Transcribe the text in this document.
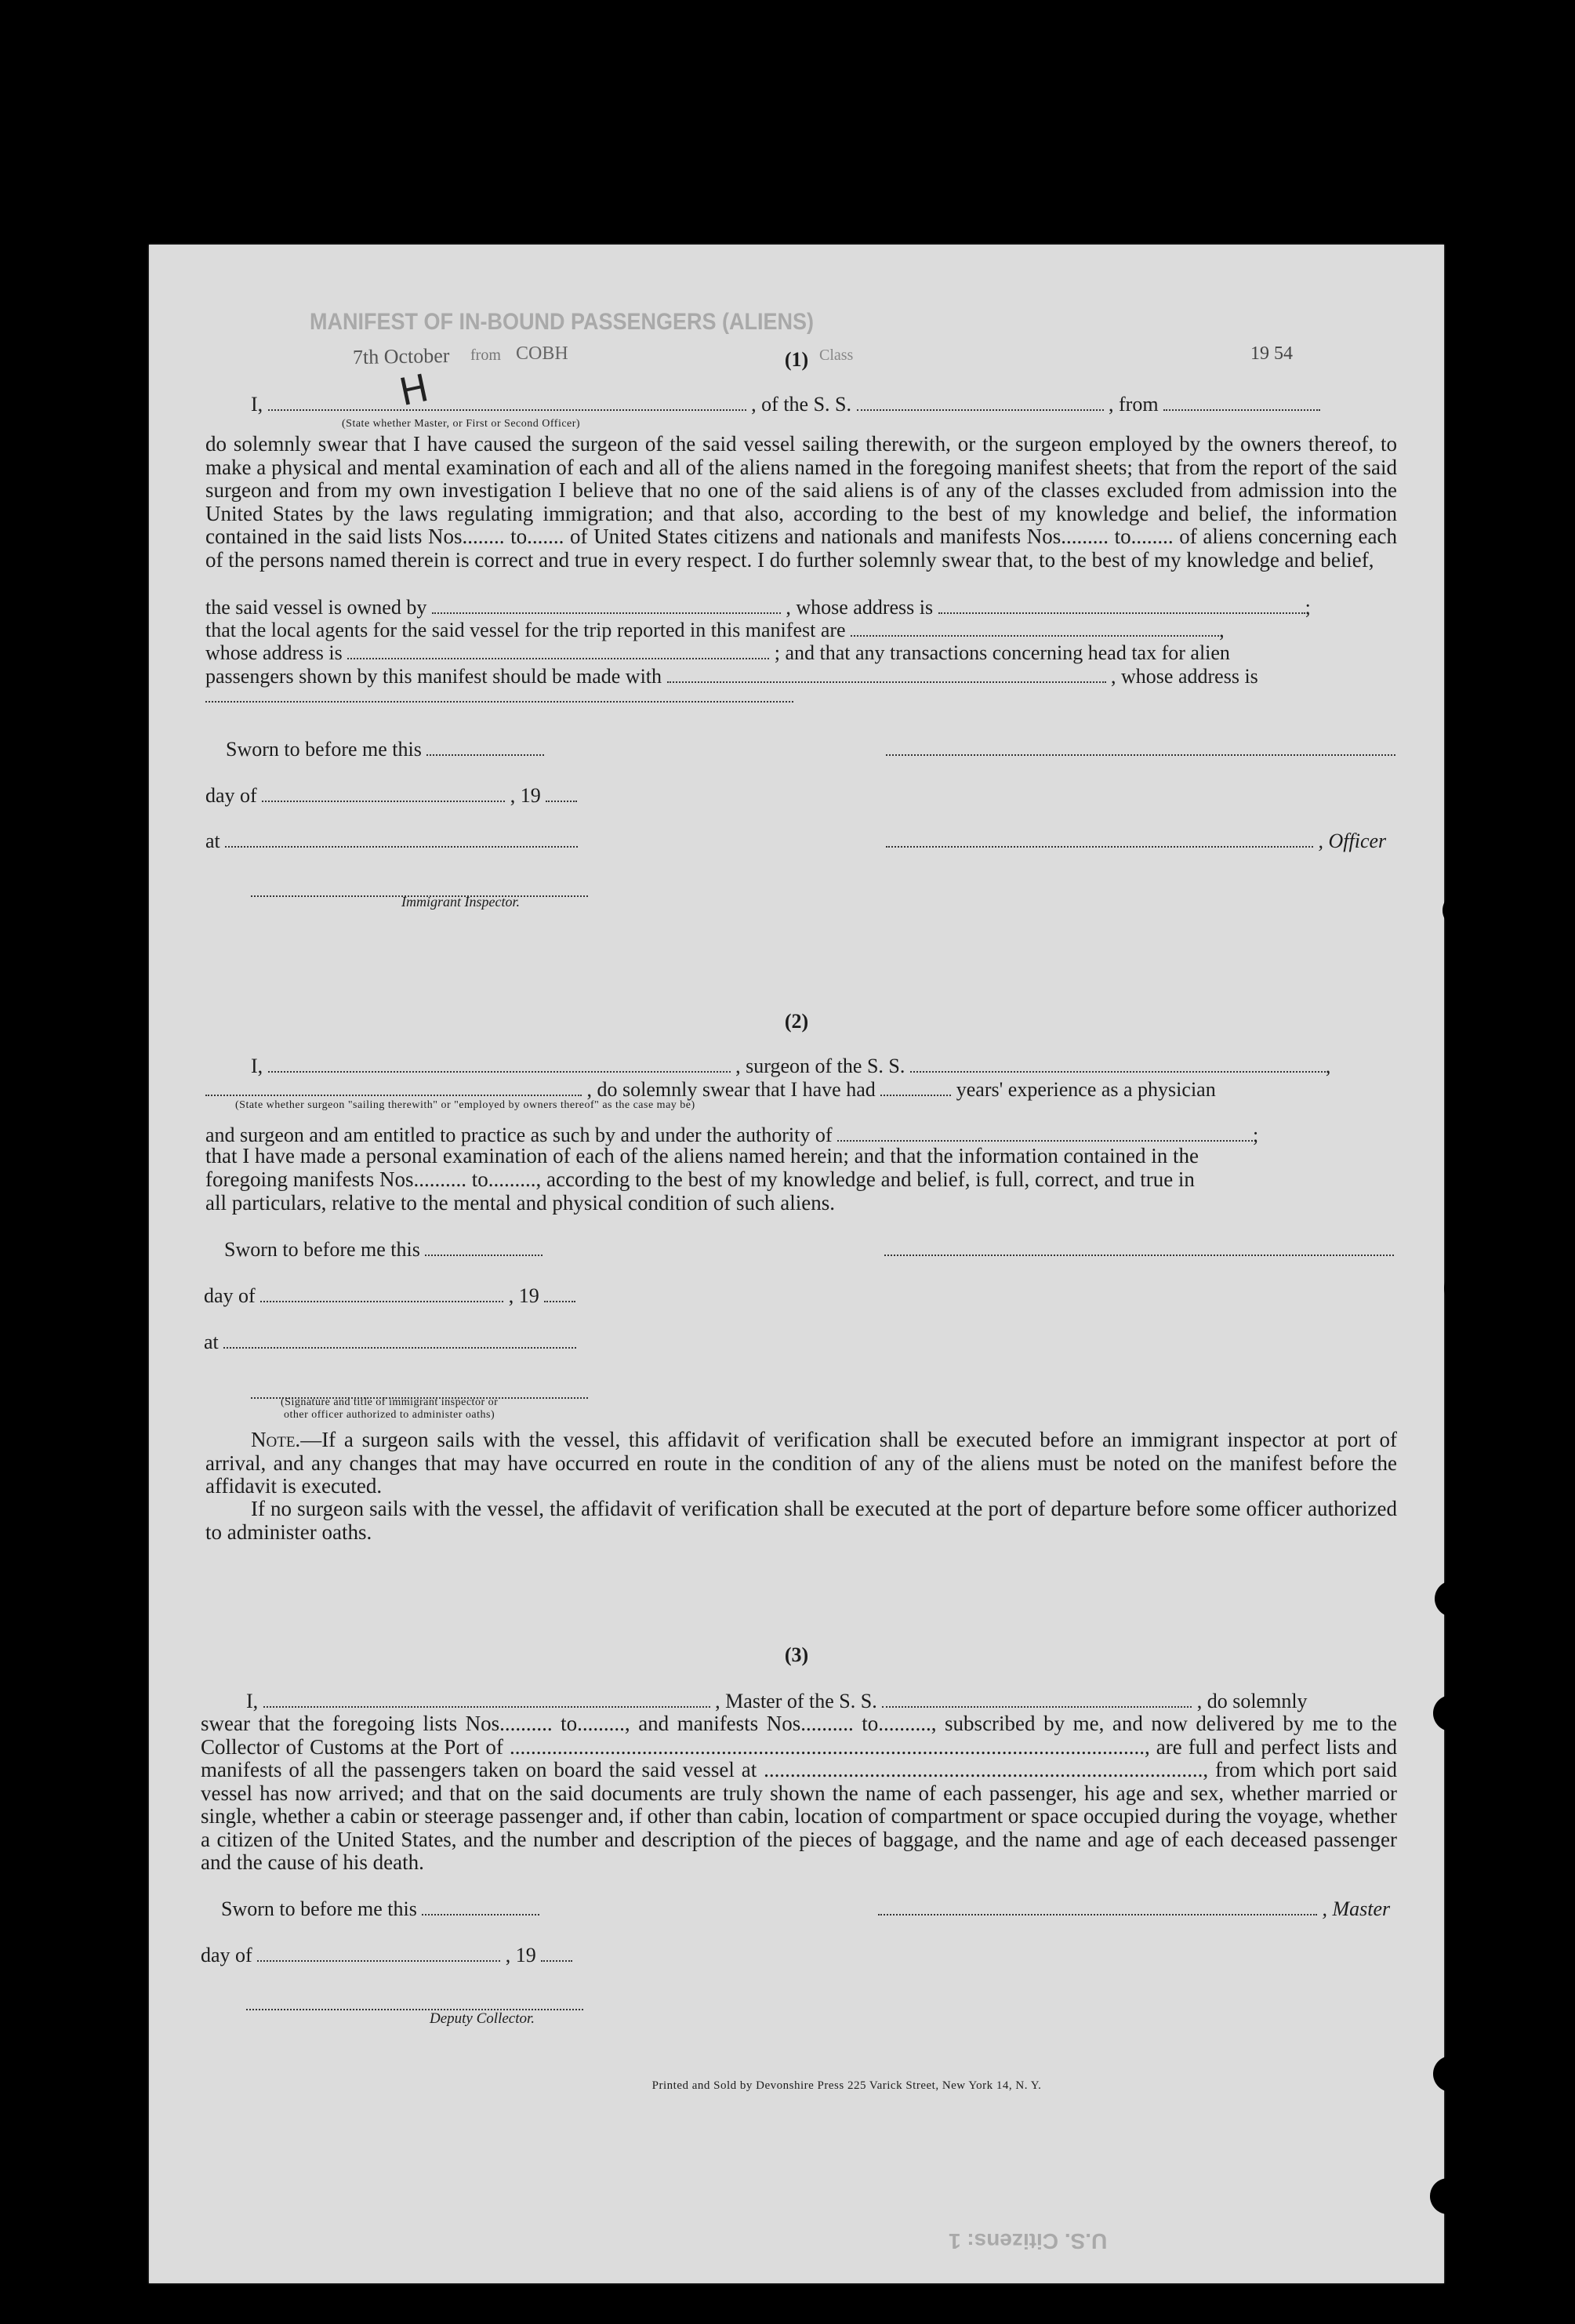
MANIFEST OF IN-BOUND PASSENGERS (ALIENS)
7th October from COBH	Class	19 54
(1)
H
I,	, of the S. S.	, from
(State whether Master, or First or Second Officer)
do solemnly swear that I have caused the surgeon of the said vessel sailing therewith, or the surgeon employed by the owners thereof, to make a physical and mental examination of each and all of the aliens named in the foregoing manifest sheets; that from the report of the said surgeon and from my own investigation I believe that no one of the said aliens is of any of the classes excluded from admission into the United States by the laws regulating immigration; and that also, according to the best of my knowledge and belief, the information contained in the said lists Nos........ to....... of United States citizens and nationals and manifests Nos......... to........ of aliens concerning each of the persons named therein is correct and true in every respect. I do further solemnly swear that, to the best of my knowledge and belief,
the said vessel is owned by	, whose address is	;
that the local agents for the said vessel for the trip reported in this manifest are	,
whose address is	; and that any transactions concerning head tax for alien
passengers shown by this manifest should be made with	, whose address is
Sworn to before me this
day of	, 19
at	, Officer
Immigrant Inspector.
(2)
I,	, surgeon of the S. S.	,
, do solemnly swear that I have had	years' experience as a physician
(State whether surgeon "sailing therewith" or "employed by owners thereof" as the case may be)
and surgeon and am entitled to practice as such by and under the authority of	;
that I have made a personal examination of each of the aliens named herein; and that the information contained in the
foregoing manifests Nos.......... to........., according to the best of my knowledge and belief, is full, correct, and true in
all particulars, relative to the mental and physical condition of such aliens.
Sworn to before me this
day of	, 19
at
(Signature and title of immigrant inspector or
other officer authorized to administer oaths)
Note.—If a surgeon sails with the vessel, this affidavit of verification shall be executed before an immigrant inspector at port of arrival, and any changes that may have occurred en route in the condition of any of the aliens must be noted on the manifest before the affidavit is executed.
If no surgeon sails with the vessel, the affidavit of verification shall be executed at the port of departure before some officer authorized to administer oaths.
(3)
I,	, Master of the S. S.	, do solemnly
swear that the foregoing lists Nos.......... to........., and manifests Nos.......... to.........., subscribed by me, and now delivered by me to the Collector of Customs at the Port of ........................................................................................................................, are full and perfect lists and manifests of all the passengers taken on board the said vessel at ..................................................................................., from which port said vessel has now arrived; and that on the said documents are truly shown the name of each passenger, his age and sex, whether married or single, whether a cabin or steerage passenger and, if other than cabin, location of compartment or space occupied during the voyage, whether a citizen of the United States, and the number and description of the pieces of baggage, and the name and age of each deceased passenger and the cause of his death.
Sworn to before me this	, Master
day of	, 19
Deputy Collector.
Printed and Sold by Devonshire Press 225 Varick Street, New York 14, N. Y.
U.S. Citizens: 1
